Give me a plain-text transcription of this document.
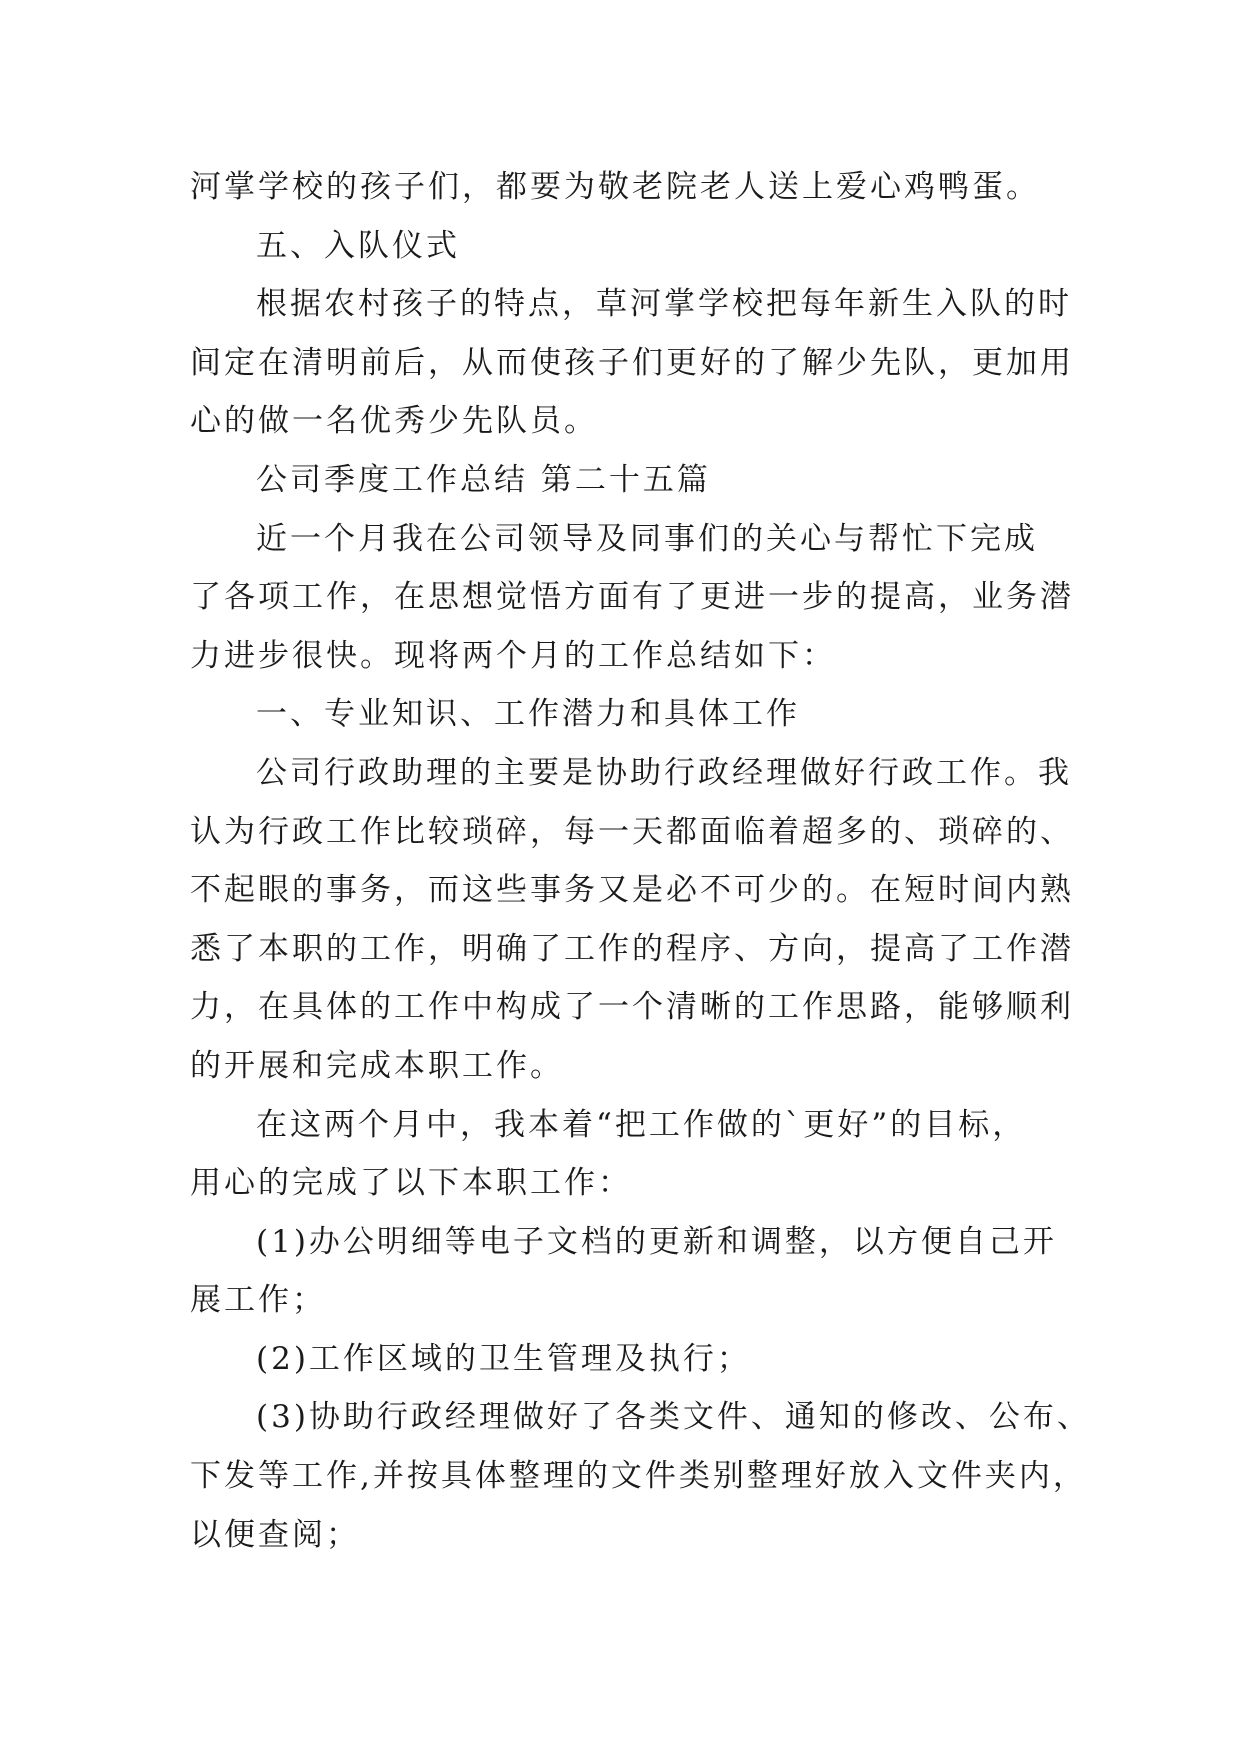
河掌学校的孩子们，都要为敬老院老人送上爱心鸡鸭蛋。
五、入队仪式
根据农村孩子的特点，草河掌学校把每年新生入队的时
间定在清明前后，从而使孩子们更好的了解少先队，更加用
心的做一名优秀少先队员。
公司季度工作总结 第二十五篇
近一个月我在公司领导及同事们的关心与帮忙下完成
了各项工作，在思想觉悟方面有了更进一步的提高，业务潜
力进步很快。现将两个月的工作总结如下：
一、专业知识、工作潜力和具体工作
公司行政助理的主要是协助行政经理做好行政工作。我
认为行政工作比较琐碎，每一天都面临着超多的、琐碎的、
不起眼的事务，而这些事务又是必不可少的。在短时间内熟
悉了本职的工作，明确了工作的程序、方向，提高了工作潜
力，在具体的工作中构成了一个清晰的工作思路，能够顺利
的开展和完成本职工作。
在这两个月中，我本着“把工作做的`更好”的目标，
用心的完成了以下本职工作：
(1)办公明细等电子文档的更新和调整，以方便自己开
展工作；
(2)工作区域的卫生管理及执行；
(3)协助行政经理做好了各类文件、通知的修改、公布、
下发等工作,并按具体整理的文件类别整理好放入文件夹内，
以便查阅；
